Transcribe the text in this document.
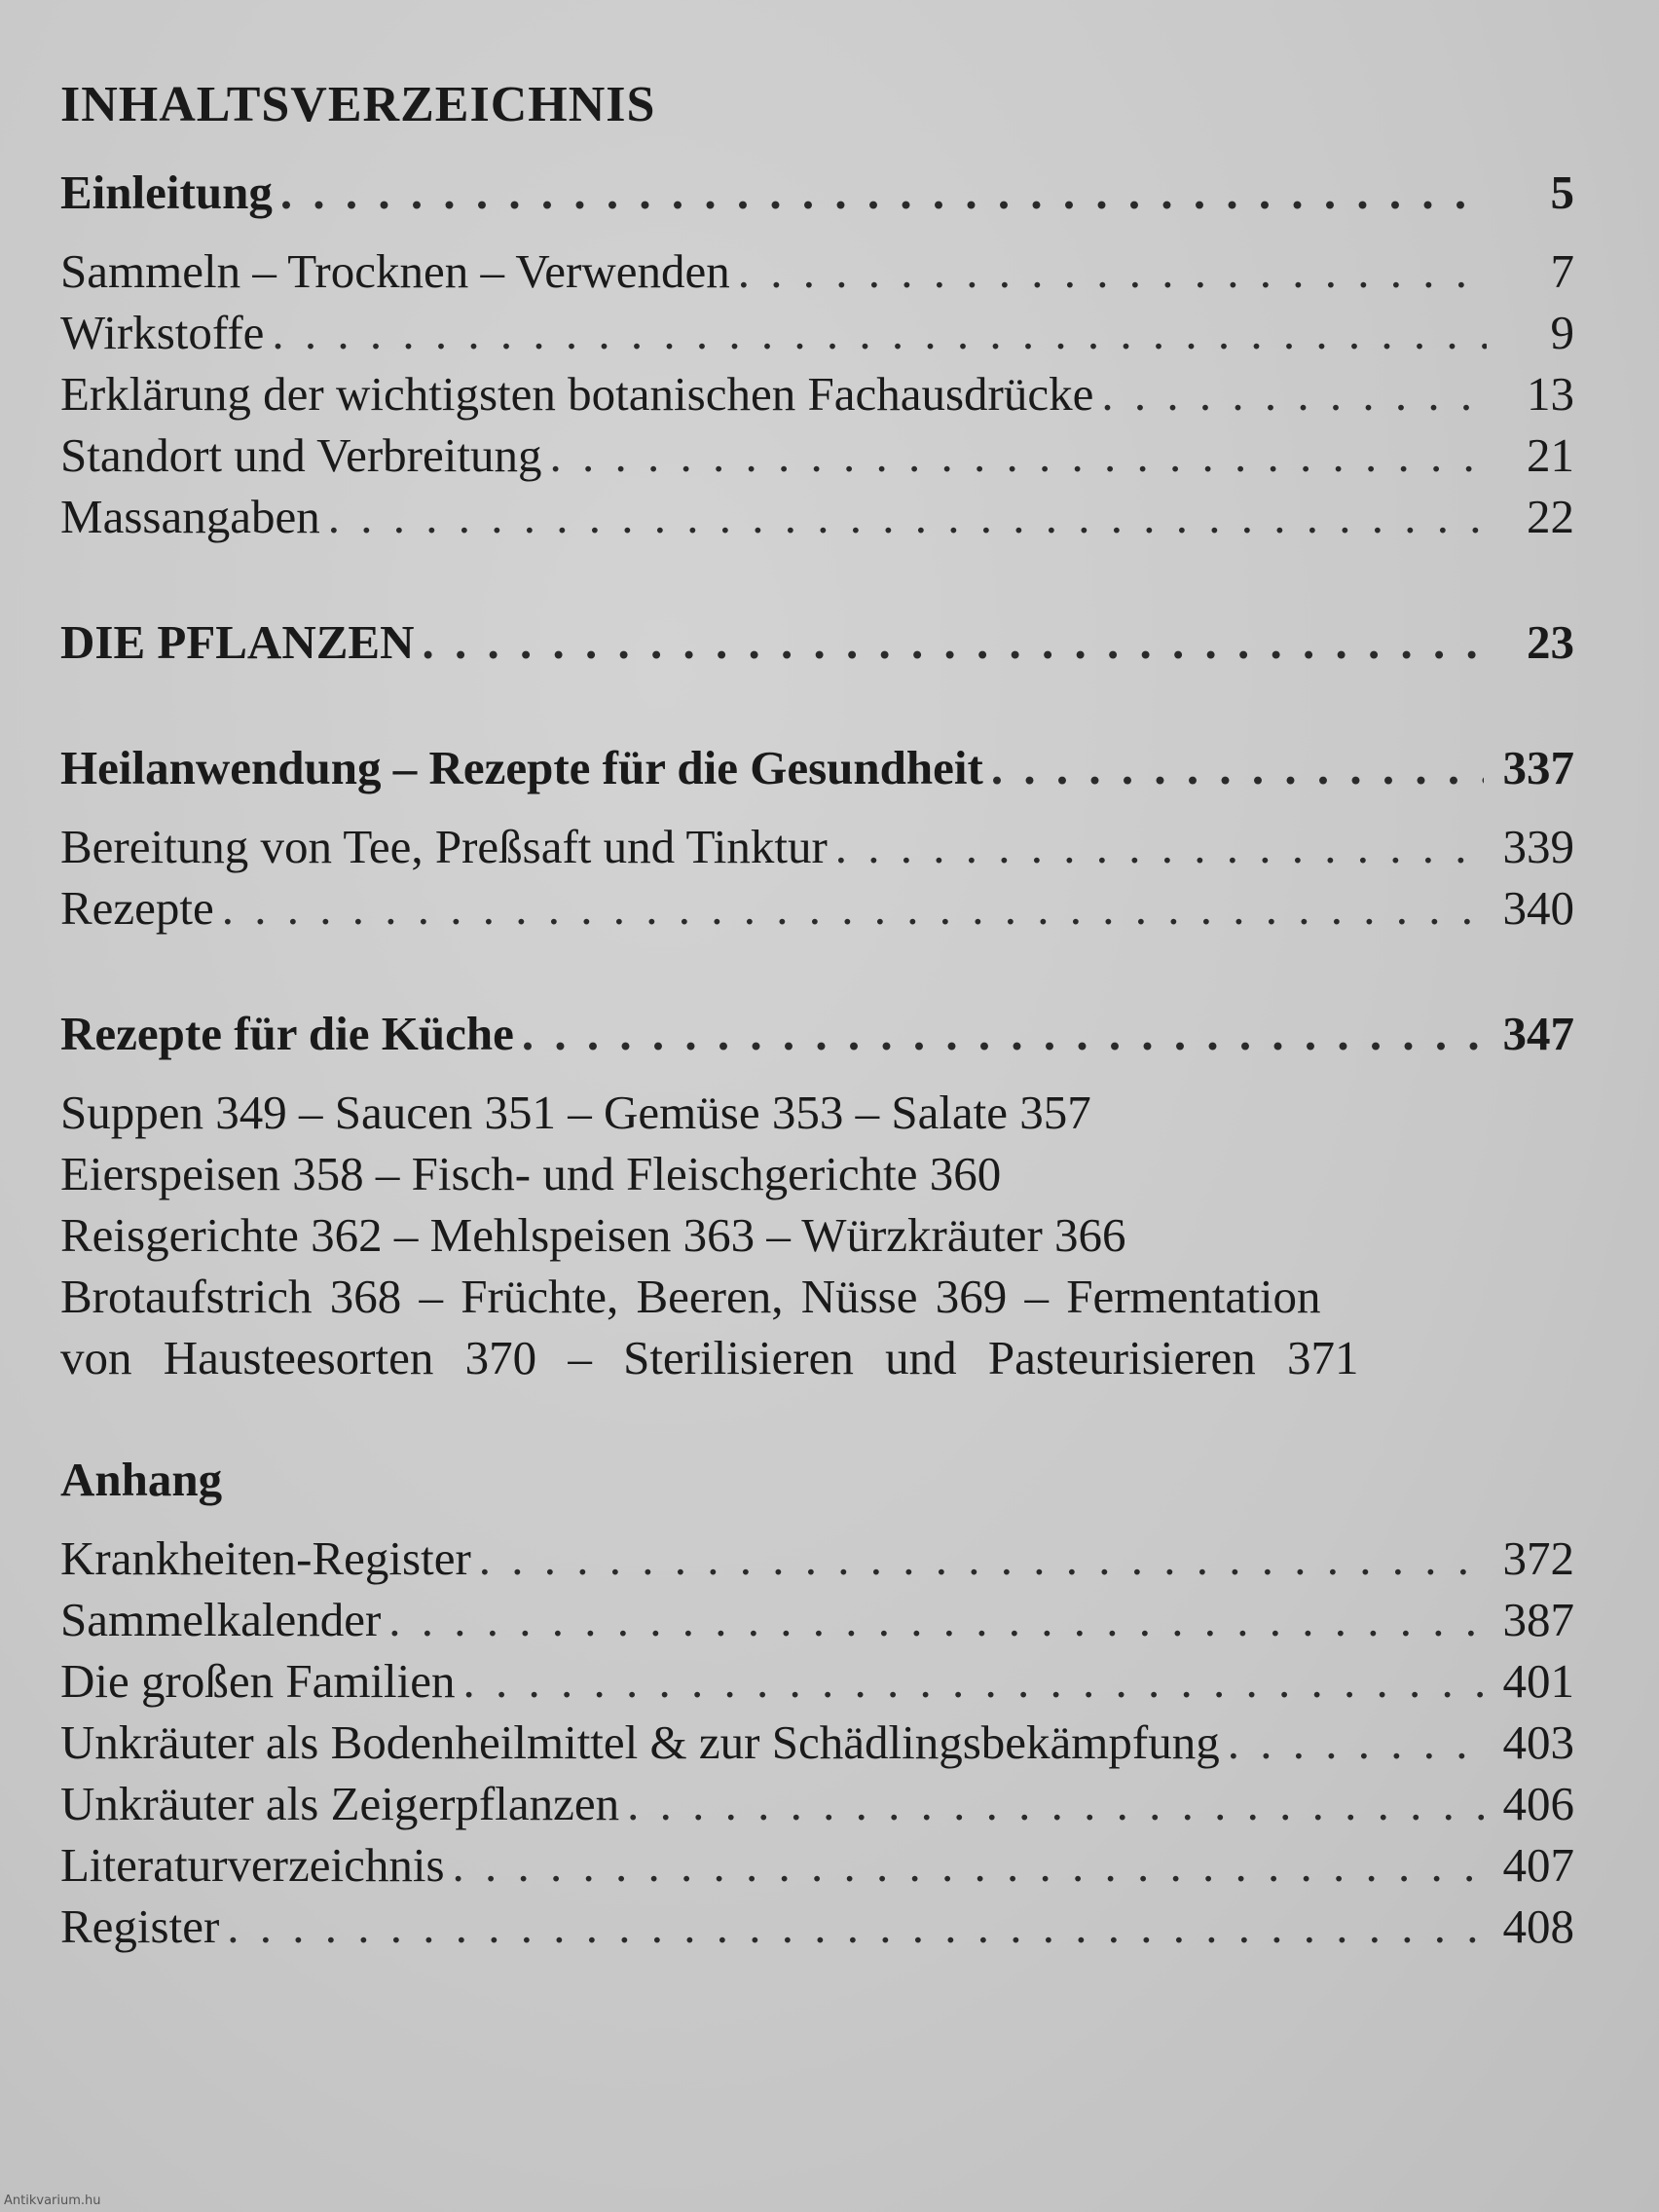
INHALTSVERZEICHNIS
Einleitung . . .	5
Sammeln – Trocknen – Verwenden . . .	7
Wirkstoffe . . .	9
Erklärung der wichtigsten botanischen Fachausdrücke . . .	13
Standort und Verbreitung . . .	21
Massangaben . . .	22
DIE PFLANZEN . . .	23
Heilanwendung – Rezepte für die Gesundheit . . .	337
Bereitung von Tee, Preßsaft und Tinktur . . .	339
Rezepte . . .	340
Rezepte für die Küche . . .	347
Suppen 349 – Saucen 351 – Gemüse 353 – Salate 357
Eierspeisen 358 – Fisch- und Fleischgerichte 360
Reisgerichte 362 – Mehlspeisen 363 – Würzkräuter 366
Brotaufstrich 368 – Früchte, Beeren, Nüsse 369 – Fermentation
von Hausteesorten 370 – Sterilisieren und Pasteurisieren 371
Anhang
Krankheiten-Register . . .	372
Sammelkalender . . .	387
Die großen Familien . . .	401
Unkräuter als Bodenheilmittel & zur Schädlingsbekämpfung . . .	403
Unkräuter als Zeigerpflanzen . . .	406
Literaturverzeichnis . . .	407
Register . . .	408
Antikvarium.hu
